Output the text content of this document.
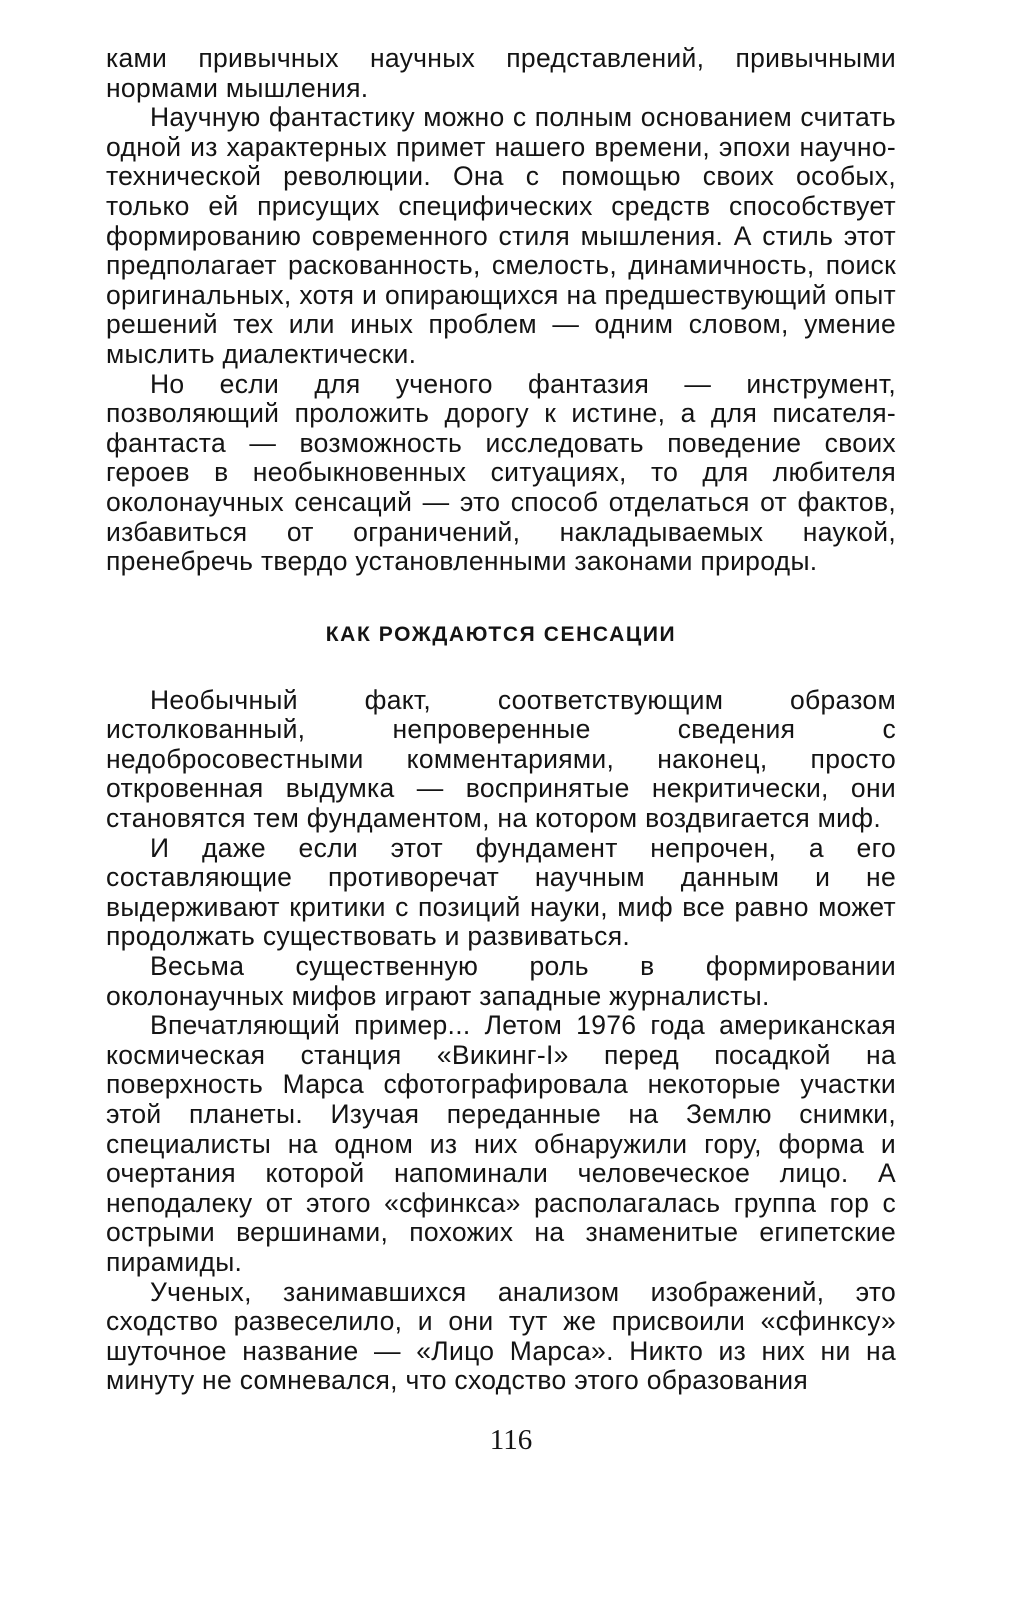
ками привычных научных представлений, привычными нормами мышления.

Научную фантастику можно с полным основанием считать одной из характерных примет нашего времени, эпохи научно-технической революции. Она с помощью своих особых, только ей присущих специфических средств способствует формированию современного стиля мышления. А стиль этот предполагает раскованность, смелость, динамичность, поиск оригинальных, хотя и опирающихся на предшествующий опыт решений тех или иных проблем — одним словом, умение мыслить диалектически.

Но если для ученого фантазия — инструмент, позволяющий проложить дорогу к истине, а для писателя-фантаста — возможность исследовать поведение своих героев в необыкновенных ситуациях, то для любителя околонаучных сенсаций — это способ отделаться от фактов, избавиться от ограничений, накладываемых наукой, пренебречь твердо установленными законами природы.

КАК РОЖДАЮТСЯ СЕНСАЦИИ

Необычный факт, соответствующим образом истолкованный, непроверенные сведения с недобросовестными комментариями, наконец, просто откровенная выдумка — воспринятые некритически, они становятся тем фундаментом, на котором воздвигается миф.

И даже если этот фундамент непрочен, а его составляющие противоречат научным данным и не выдерживают критики с позиций науки, миф все равно может продолжать существовать и развиваться.

Весьма существенную роль в формировании околонаучных мифов играют западные журналисты.

Впечатляющий пример... Летом 1976 года американская космическая станция «Викинг-I» перед посадкой на поверхность Марса сфотографировала некоторые участки этой планеты. Изучая переданные на Землю снимки, специалисты на одном из них обнаружили гору, форма и очертания которой напоминали человеческое лицо. А неподалеку от этого «сфинкса» располагалась группа гор с острыми вершинами, похожих на знаменитые египетские пирамиды.

Ученых, занимавшихся анализом изображений, это сходство развеселило, и они тут же присвоили «сфинксу» шуточное название — «Лицо Марса». Никто из них ни на минуту не сомневался, что сходство этого образования

116
